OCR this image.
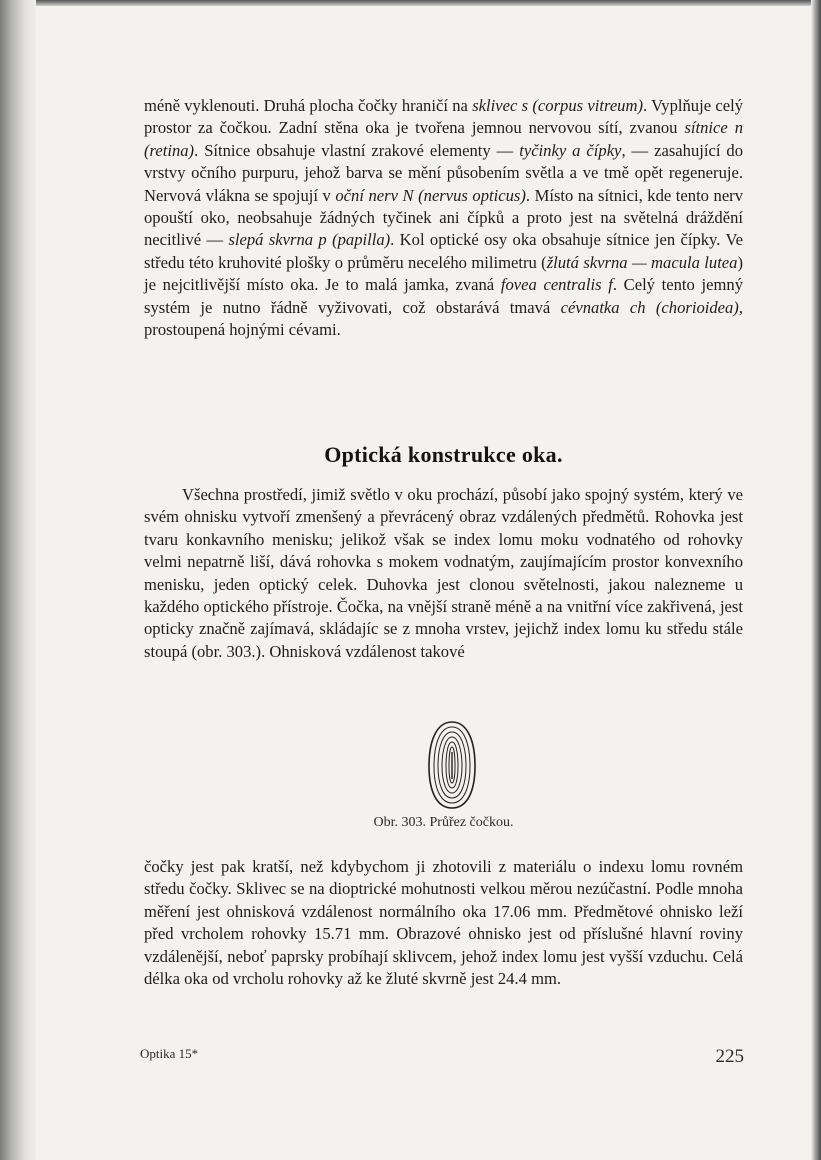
méně vyklenouti. Druhá plocha čočky hraničí na sklivec s (corpus vitreum). Vyplňuje celý prostor za čočkou. Zadní stěna oka je tvořena jemnou nervovou sítí, zvanou sítnice n (retina). Sítnice obsahuje vlastní zrakové elementy — tyčinky a čípky, — zasahující do vrstvy očního purpuru, jehož barva se mění působením světla a ve tmě opět regeneruje. Nervová vlákna se spojují v oční nerv N (nervus opticus). Místo na sítnici, kde tento nerv opouští oko, neobsahuje žádných tyčinek ani čípků a proto jest na světelná dráždění necitlivé — slepá skvrna p (papilla). Kol optické osy oka obsahuje sítnice jen čípky. Ve středu této kruhovité plošky o průměru necelého milimetru (žlutá skvrna — macula lutea) je nejcitlivější místo oka. Je to malá jamka, zvaná fovea centralis f. Celý tento jemný systém je nutno řádně vyživovati, což obstarává tmavá cévnatka ch (chorioidea), prostoupená hojnými cévami.

Optická konstrukce oka.

Všechna prostředí, jimiž světlo v oku prochází, působí jako spojný systém, který ve svém ohnisku vytvoří zmenšený a převrácený obraz vzdálených předmětů. Rohovka jest tvaru konkavního menisku; jelikož však se index lomu moku vodnatého od rohovky velmi nepatrně liší, dává rohovka s mokem vodnatým, zaujímajícím prostor konvexního menisku, jeden optický celek. Duhovka jest clonou světelnosti, jakou nalezneme u každého optického přístroje. Čočka, na vnější straně méně a na vnitřní více zakřivená, jest opticky značně zajímavá, skládajíc se z mnoha vrstev, jejichž index lomu ku středu stále stoupá (obr. 303.). Ohnisková vzdálenost takové

Obr. 303. Průřez čočkou.

čočky jest pak kratší, než kdybychom ji zhotovili z materiálu o indexu lomu rovném středu čočky. Sklivec se na dioptrické mohutnosti velkou měrou nezúčastní. Podle mnoha měření jest ohnisková vzdálenost normálního oka 17.06 mm. Předmětové ohnisko leží před vrcholem rohovky 15.71 mm. Obrazové ohnisko jest od příslušné hlavní roviny vzdálenější, neboť paprsky probíhají sklivcem, jehož index lomu jest vyšší vzduchu. Celá délka oka od vrcholu rohovky až ke žluté skvrně jest 24.4 mm.

Optika 15*	225
